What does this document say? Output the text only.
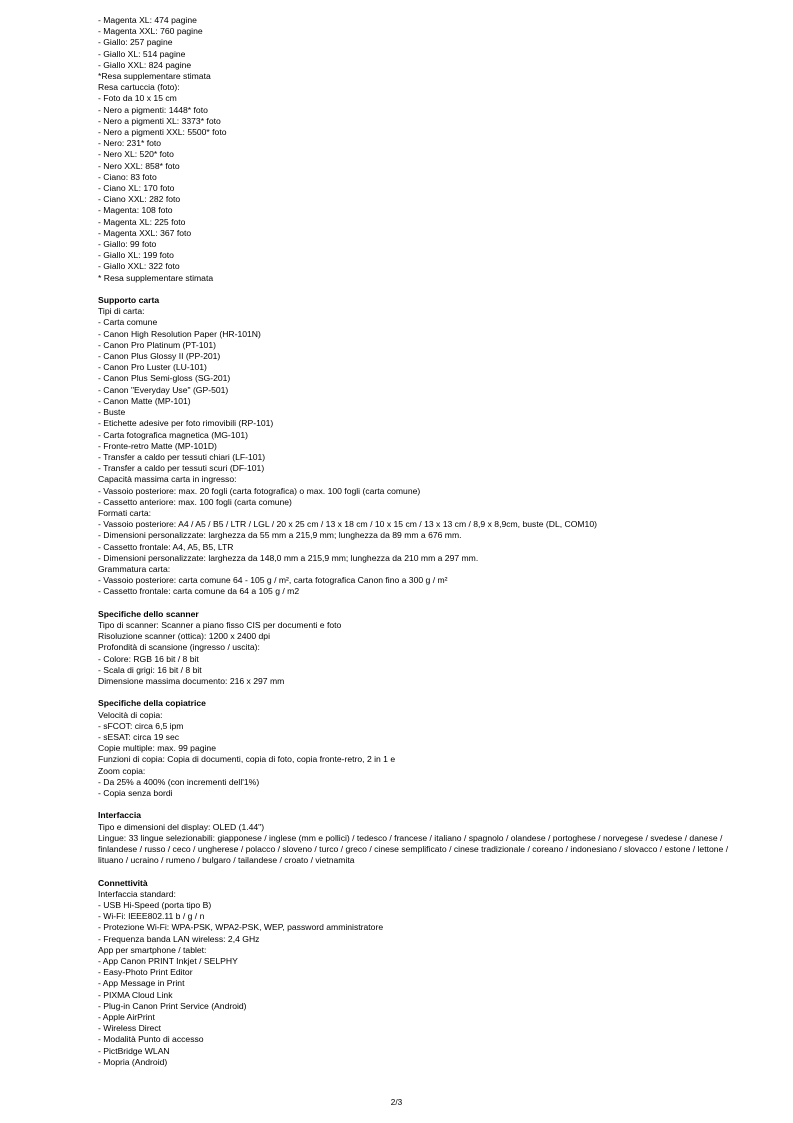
- Magenta XL: 474 pagine
- Magenta XXL: 760 pagine
- Giallo: 257 pagine
- Giallo XL: 514 pagine
- Giallo XXL: 824 pagine
*Resa supplementare stimata
Resa cartuccia (foto):
- Foto da 10 x 15 cm
- Nero a pigmenti: 1448* foto
- Nero a pigmenti XL: 3373* foto
- Nero a pigmenti XXL: 5500* foto
- Nero: 231* foto
- Nero XL: 520* foto
- Nero XXL: 858* foto
- Ciano: 83 foto
- Ciano XL: 170 foto
- Ciano XXL: 282 foto
- Magenta: 108 foto
- Magenta XL: 225 foto
- Magenta XXL: 367 foto
- Giallo: 99 foto
- Giallo XL: 199 foto
- Giallo XXL: 322 foto
* Resa supplementare stimata
Supporto carta
Tipi di carta:
- Carta comune
- Canon High Resolution Paper (HR-101N)
- Canon Pro Platinum (PT-101)
- Canon Plus Glossy II (PP-201)
- Canon Pro Luster (LU-101)
- Canon Plus Semi-gloss (SG-201)
- Canon "Everyday Use" (GP-501)
- Canon Matte (MP-101)
- Buste
- Etichette adesive per foto rimovibili (RP-101)
- Carta fotografica magnetica (MG-101)
- Fronte-retro Matte (MP-101D)
- Transfer a caldo per tessuti chiari (LF-101)
- Transfer a caldo per tessuti scuri (DF-101)
Capacità massima carta in ingresso:
- Vassoio posteriore: max. 20 fogli (carta fotografica) o max. 100 fogli (carta comune)
- Cassetto anteriore: max. 100 fogli (carta comune)
Formati carta:
- Vassoio posteriore: A4 / A5 / B5 / LTR / LGL / 20 x 25 cm / 13 x 18 cm / 10 x 15 cm / 13 x 13 cm / 8,9 x 8,9cm, buste (DL, COM10)
- Dimensioni personalizzate: larghezza da 55 mm a 215,9 mm; lunghezza da 89 mm a 676 mm.
- Cassetto frontale: A4, A5, B5, LTR
- Dimensioni personalizzate: larghezza da 148,0 mm a 215,9 mm; lunghezza da 210 mm a 297 mm.
Grammatura carta:
- Vassoio posteriore: carta comune 64 - 105 g / m², carta fotografica Canon fino a 300 g / m²
- Cassetto frontale: carta comune da 64 a 105 g / m2
Specifiche dello scanner
Tipo di scanner: Scanner a piano fisso CIS per documenti e foto
Risoluzione scanner (ottica): 1200 x 2400 dpi
Profondità di scansione (ingresso / uscita):
- Colore: RGB 16 bit / 8 bit
- Scala di grigi: 16 bit / 8 bit
Dimensione massima documento: 216 x 297 mm
Specifiche della copiatrice
Velocità di copia:
- sFCOT: circa 6,5 ipm
- sESAT: circa 19 sec
Copie multiple: max. 99 pagine
Funzioni di copia: Copia di documenti, copia di foto, copia fronte-retro, 2 in 1 e
Zoom copia:
- Da 25% a 400% (con incrementi dell'1%)
- Copia senza bordi
Interfaccia
Tipo e dimensioni del display: OLED (1.44")
Lingue: 33 lingue selezionabili: giapponese / inglese (mm e pollici) / tedesco / francese / italiano / spagnolo / olandese / portoghese / norvegese / svedese / danese / finlandese / russo / ceco / ungherese / polacco / sloveno / turco / greco / cinese semplificato / cinese tradizionale / coreano / indonesiano / slovacco / estone / lettone / lituano / ucraino / rumeno / bulgaro / tailandese / croato / vietnamita
Connettività
Interfaccia standard:
- USB Hi-Speed (porta tipo B)
- Wi-Fi: IEEE802.11 b / g / n
- Protezione Wi-Fi: WPA-PSK, WPA2-PSK, WEP, password amministratore
- Frequenza banda LAN wireless: 2,4 GHz
App per smartphone / tablet:
- App Canon PRINT Inkjet / SELPHY
- Easy-Photo Print Editor
- App Message in Print
- PIXMA Cloud Link
- Plug-in Canon Print Service (Android)
- Apple AirPrint
- Wireless Direct
- Modalità Punto di accesso
- PictBridge WLAN
- Mopria (Android)
2/3
